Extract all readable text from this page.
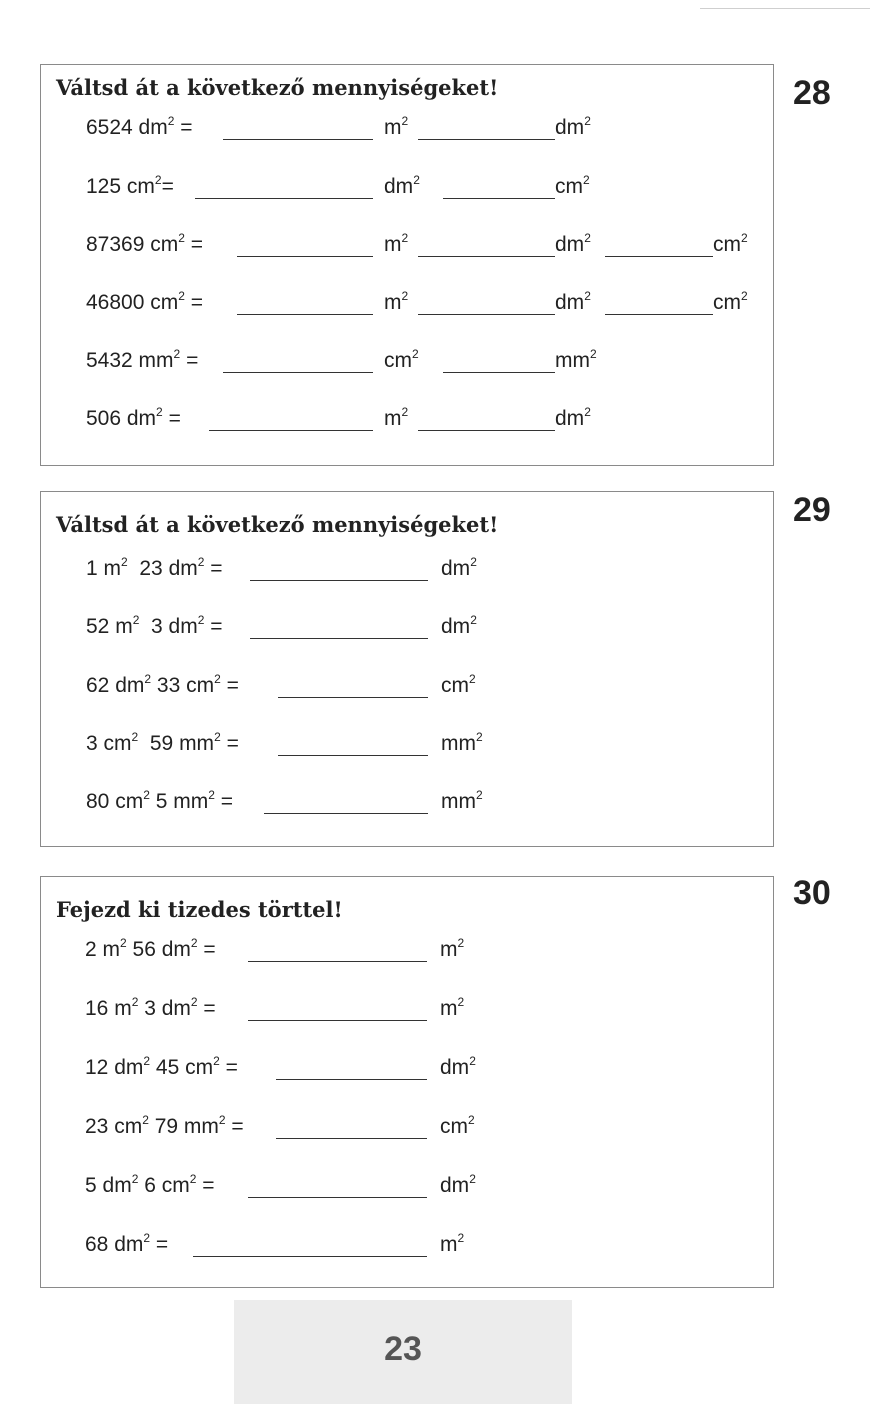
28
Váltsd át a következő mennyiségeket!
6524 $dm^2$ =	$m^2$	$dm^2$
125 $cm^2=$	$dm^2$	$cm^2$
87369 $cm^2$ =	$m^2$	$dm^2$	$cm^2$
46800 $cm^2$ =	$m^2$	$dm^2$	$cm^2$
5432 $mm^2$ =	$cm^2$	$mm^2$
506 $dm^2$ =	$m^2$	$dm^2$
29
Váltsd át a következő mennyiségeket!
1 $m^2$  23 $dm^2$ =	$dm^2$
52 $m^2$  3 $dm^2$ =	$dm^2$
62 $dm^2$ 33 $cm^2$ =	$cm^2$
3 $cm^2$  59 $mm^2$ =	$mm^2$
80 $cm^2$ 5 $mm^2$ =	$mm^2$
30
Fejezd ki tizedes törttel!
2 $m^2$ 56 $dm^2$ =	$m^2$
16 $m^2$ 3 $dm^2$ =	$m^2$
12 $dm^2$ 45 $cm^2$ =	$dm^2$
23 $cm^2$ 79 $mm^2$ =	$cm^2$
5 $dm^2$ 6 $cm^2$ =	$dm^2$
68 $dm^2$ =	$m^2$
23
